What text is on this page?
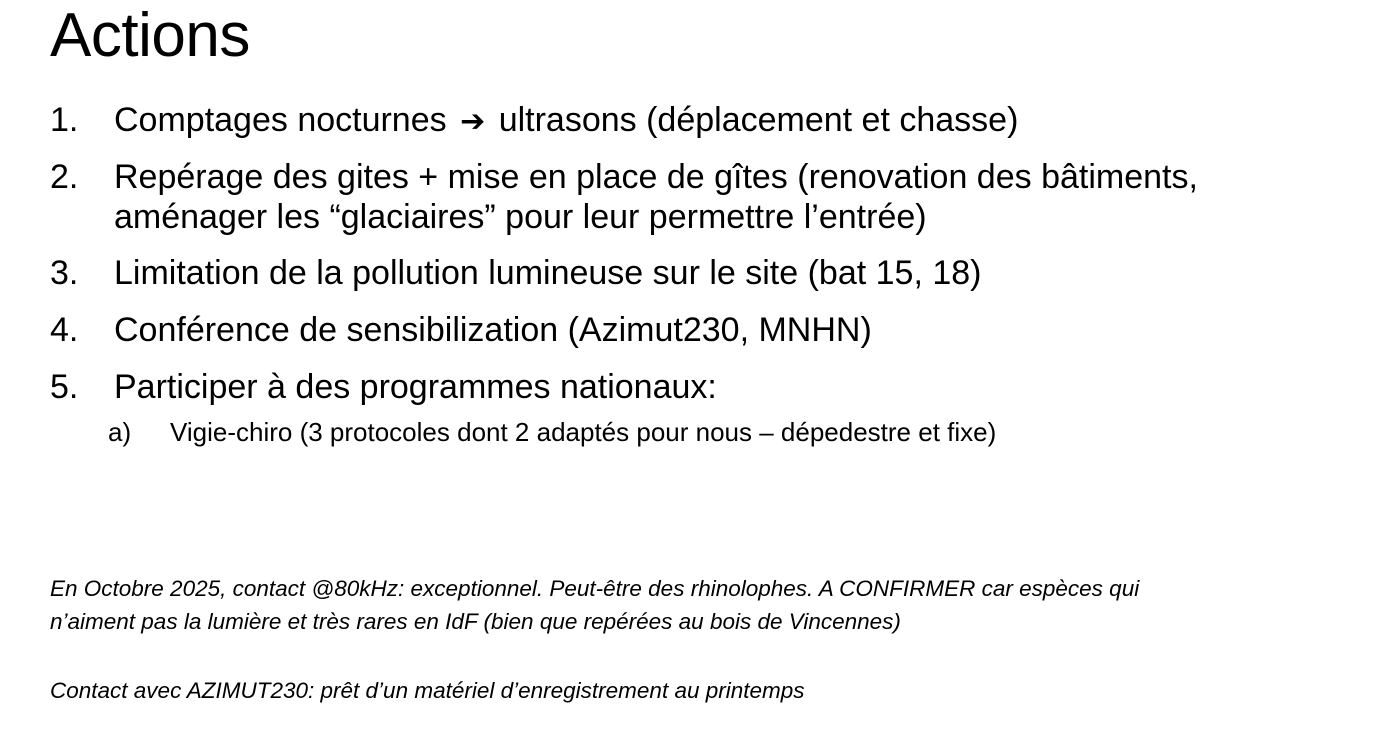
Actions
1. Comptages nocturnes ➔ ultrasons (déplacement et chasse)
2. Repérage des gites + mise en place de gîtes (renovation des bâtiments,
aménager les “glaciaires” pour leur permettre l’entrée)
3. Limitation de la pollution lumineuse sur le site (bat 15, 18)
4. Conférence de sensibilization (Azimut230, MNHN)
5. Participer à des programmes nationaux:
a) Vigie-chiro (3 protocoles dont 2 adaptés pour nous – dépedestre et fixe)
En Octobre 2025, contact @80kHz: exceptionnel. Peut-être des rhinolophes. A CONFIRMER car espèces qui
n’aiment pas la lumière et très rares en IdF (bien que repérées au bois de Vincennes)
Contact avec AZIMUT230: prêt d’un matériel d’enregistrement au printemps
